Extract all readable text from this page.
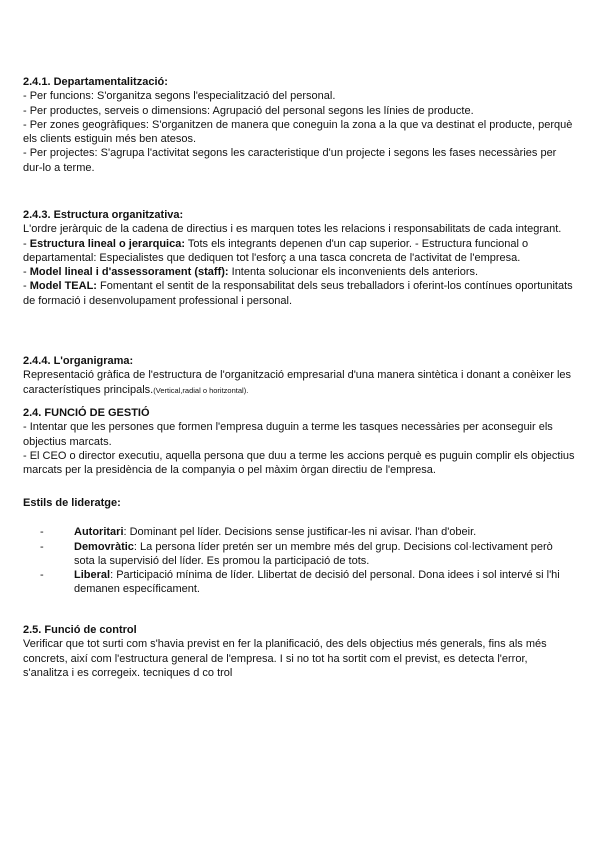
2.4.1. Departamentalització:

- Per funcions: S'organitza segons l'especialització del personal.

- Per productes, serveis o dimensions: Agrupació del personal segons les línies de producte.

- Per zones geogràfiques: S'organitzen de manera que coneguin la zona a la que va destinat el producte, perquè els clients estiguin més ben atesos.

- Per projectes: S'agrupa l'activitat segons les caracteristique d'un projecte i segons les fases necessàries per dur-lo a terme.

2.4.3. Estructura organitzativa:

L'ordre jeràrquic de la cadena de directius i es marquen totes les relacions i responsabilitats de cada integrant.

- Estructura lineal o jerarquica: Tots els integrants depenen d'un cap superior. - Estructura funcional o departamental: Especialistes que dediquen tot l'esforç a una tasca concreta de l'activitat de l'empresa.

- Model lineal i d'assessorament (staff): Intenta solucionar els inconvenients dels anteriors.

- Model TEAL: Fomentant el sentit de la responsabilitat dels seus treballadors i oferint-los contínues oportunitats de formació i desenvolupament professional i personal.

2.4.4. L'organigrama:

Representació gràfica de l'estructura de l'organització empresarial d'una manera sintètica i donant a conèixer les característiques principals.(Vertical,radial o horitzontal).

2.4. FUNCIÓ DE GESTIÓ

- Intentar que les persones que formen l'empresa duguin a terme les tasques necessàries per aconseguir els objectius marcats.

- El CEO o director executiu, aquella persona que duu a terme les accions perquè es puguin complir els objectius marcats per la presidència de la companyia o pel màxim òrgan directiu de l'empresa.

Estils de lideratge:
-	Autoritari: Dominant pel líder. Decisions sense justificar-les ni avisar. l'han d'obeir.
-	Demovràtic: La persona líder pretén ser un membre més del grup. Decisions col·lectivament però sota la supervisió del líder. Es promou la participació de tots.
-	Liberal: Participació mínima de líder. Llibertat de decisió del personal. Dona idees i sol intervé si l'hi demanen específicament.
2.5. Funció de control

Verificar que tot surti com s'havia previst en fer la planificació, des dels objectius més generals, fins als més concrets, així com l'estructura general de l'empresa. I si no tot ha sortit com el previst, es detecta l'error, s'analitza i es corregeix. tecniques d co trol
